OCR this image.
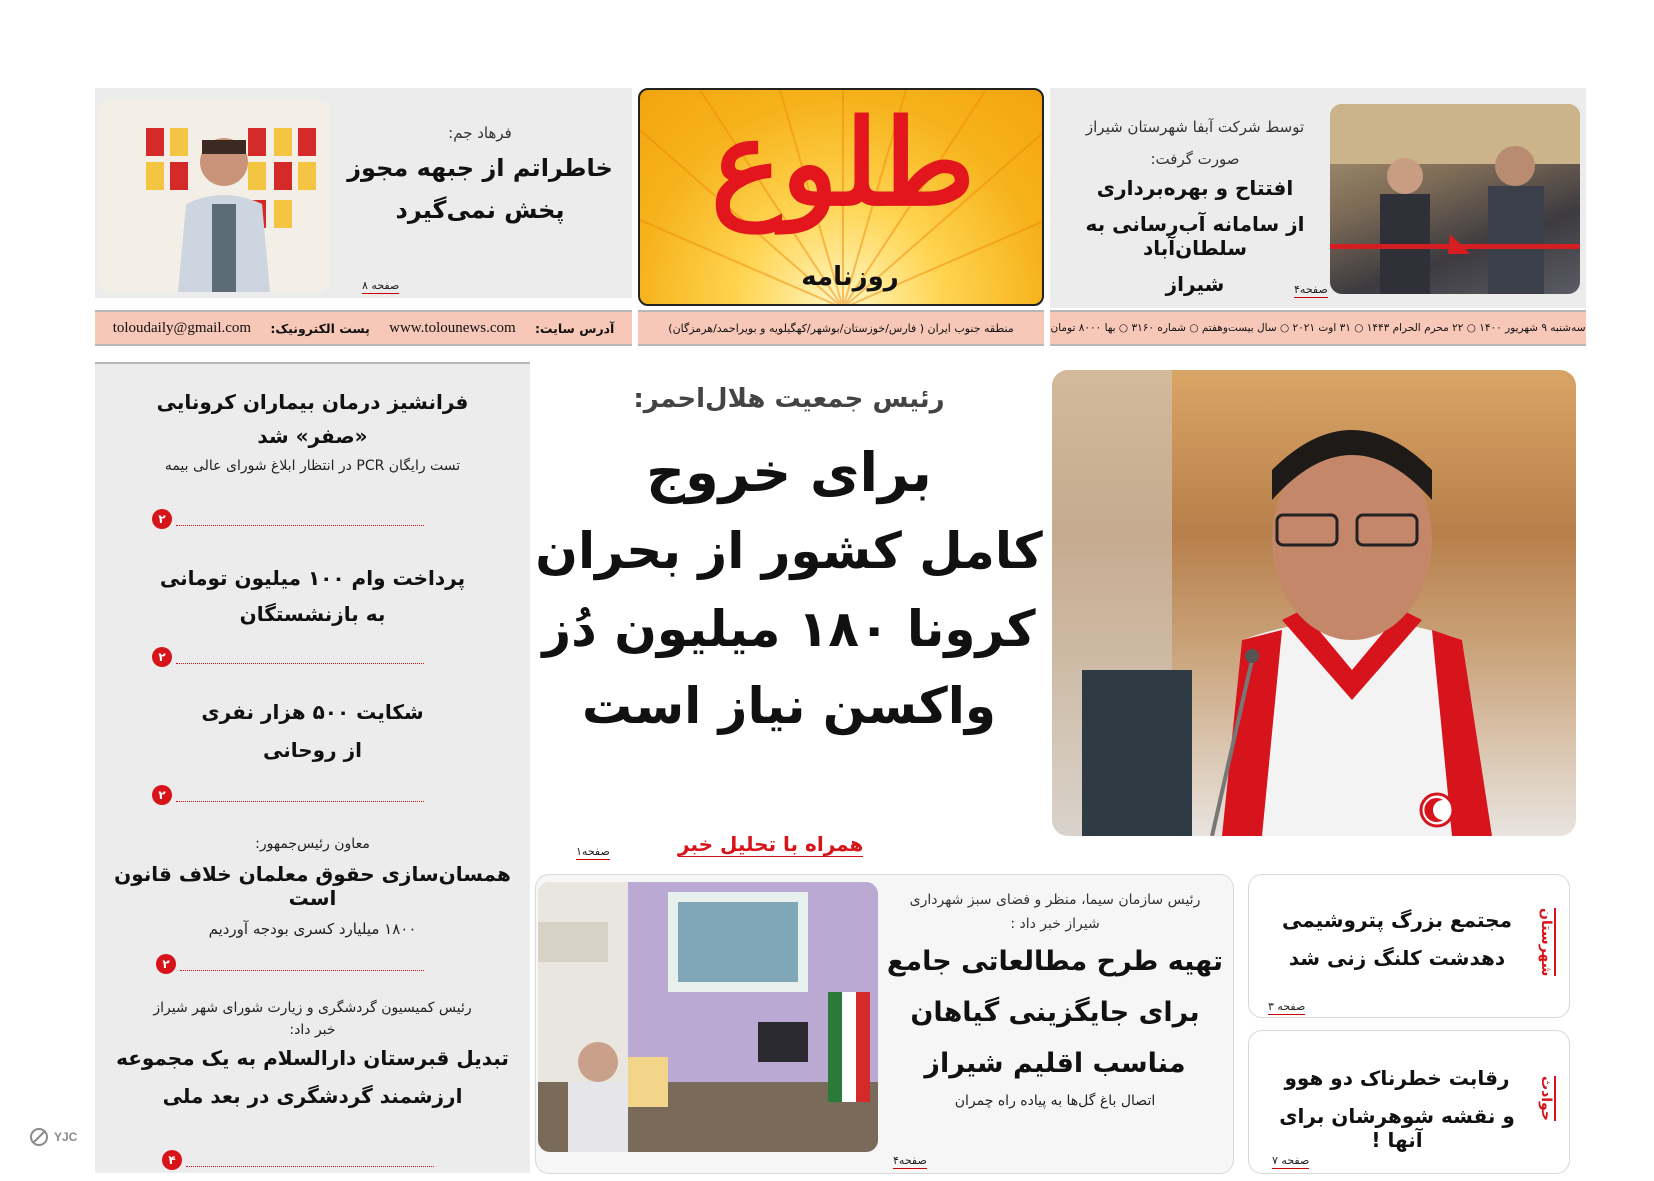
توسط شرکت آبفا شهرستان شیراز
صورت گرفت:
افتتاح و بهره‌برداری
از سامانه آب‌رسانی به سلطان‌آباد
شیراز	صفحه۴
طلوع
روزنامه
فرهاد جم:
خاطراتم از جبهه مجوز
پخش نمی‌گیرد
صفحه ۸
سه‌شنبه ۹ شهریور ۱۴۰۰ ○ ۲۲ محرم الحرام ۱۴۴۳ ○ ۳۱ اوت ۲۰۲۱ ○ سال بیست‌وهفتم ○ شماره ۳۱۶۰ ○ بها ۸۰۰۰ تومان
منطقه جنوب ایران ( فارس/خوزستان/بوشهر/کهگیلویه و بویراحمد/هرمزگان)
آدرس سایت:
www.tolounews.com
پست الکترونیک:
toloudaily@gmail.com
رئیس جمعیت هلال‌احمر:
برای خروج
کامل کشور از بحران
کرونا ۱۸۰ میلیون دُز
واکسن نیاز است
همراه با تحلیل خبر
صفحه۱
فرانشیز درمان بیماران کرونایی
«صفر» شد
تست رایگان PCR در انتظار ابلاغ شورای عالی بیمه
۲
پرداخت وام ۱۰۰ میلیون تومانی
به بازنشستگان
۲
شکایت ۵۰۰ هزار نفری
از روحانی
۲
معاون رئیس‌جمهور:
همسان‌سازی حقوق معلمان خلاف قانون است
۱۸۰۰ میلیارد کسری بودجه آوردیم
۲
رئیس کمیسیون گردشگری و زیارت شورای شهر شیراز
خبر داد:
تبدیل قبرستان دارالسلام به یک مجموعه
ارزشمند گردشگری در بعد ملی
۴
رئیس سازمان سیما، منظر و فضای سبز شهرداری
شیراز خبر داد :
تهیه طرح مطالعاتی جامع
برای جایگزینی گیاهان
مناسب اقلیم شیراز
اتصال باغ گل‌ها به پیاده راه چمران
صفحه۴
شهرستان
مجتمع بزرگ پتروشیمی
دهدشت کلنگ زنی شد
صفحه ۳
حوادث
رقابت خطرناک دو هوو
و نقشه شوهرشان برای آنها !
صفحه ۷
YJC
